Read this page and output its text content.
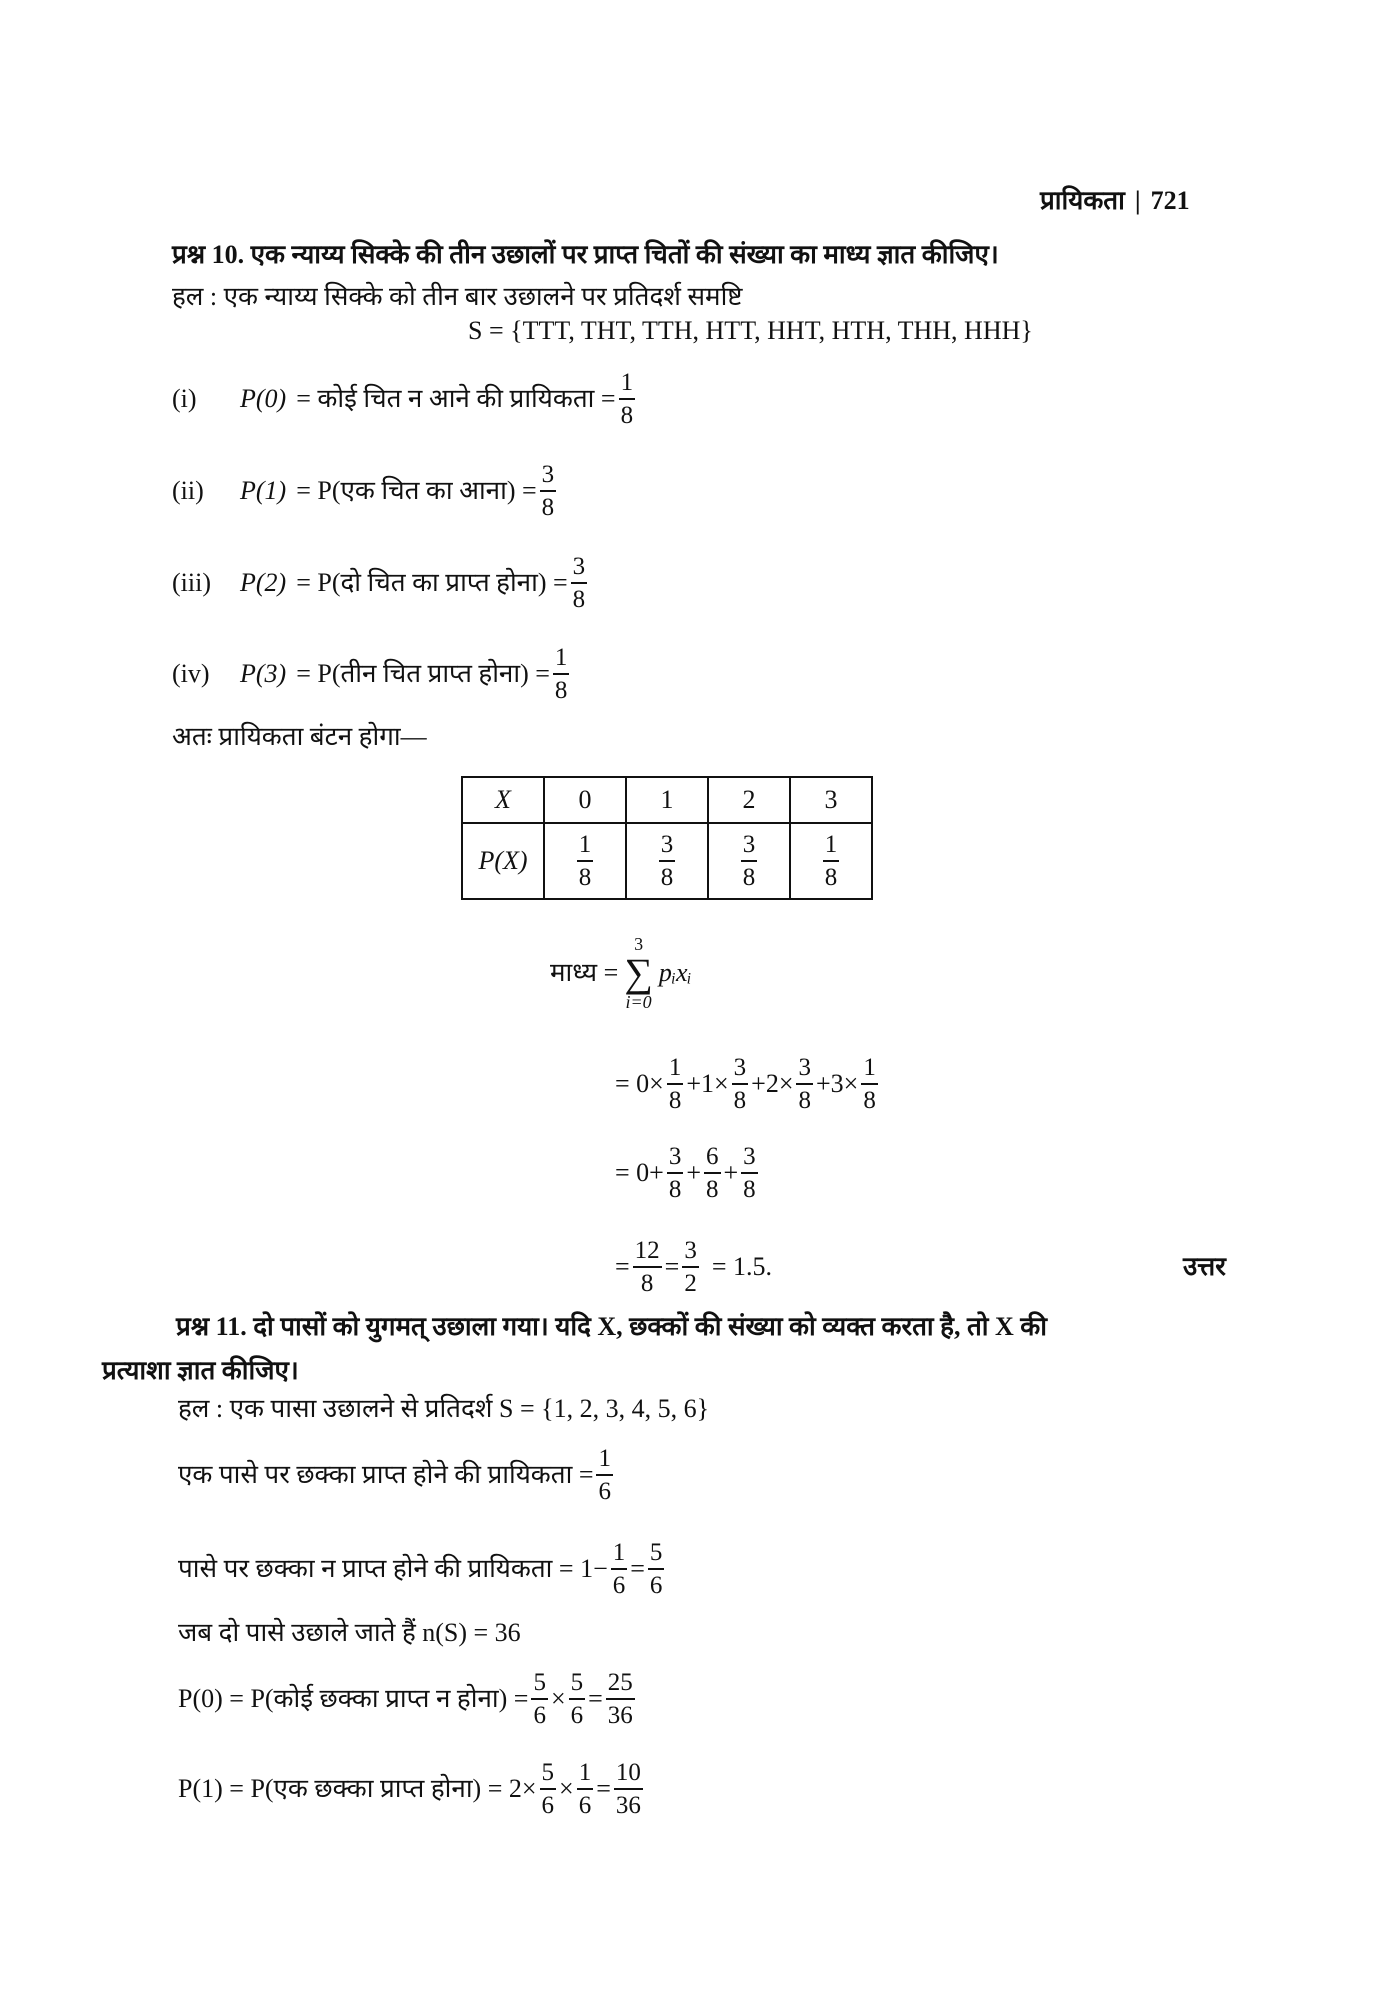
प्रायिकता | 721
प्रश्न 10. एक न्याय्य सिक्के की तीन उछालों पर प्राप्त चितों की संख्या का माध्य ज्ञात कीजिए।
हल : एक न्याय्य सिक्के को तीन बार उछालने पर प्रतिदर्श समष्टि
S = {TTT, THT, TTH, HTT, HHT, HTH, THH, HHH}
(i)	P(0) = कोई चित न आने की प्रायिकता = $\frac{1}{8}$
(ii)	P(1) = P(एक चित का आना) = $\frac{3}{8}$
(iii)	P(2) = P(दो चित का प्राप्त होना) = $\frac{3}{8}$
(iv)	P(3) = P(तीन चित प्राप्त होना) = $\frac{1}{8}$
अतः प्रायिकता बंटन होगा—
X	0	1	2	3
P(X)	$\frac{1}{8}$	$\frac{3}{8}$	$\frac{3}{8}$	$\frac{1}{8}$
माध्य =
3
∑
i=0
pᵢxᵢ
= $0\times \frac{1}{8} +1\times \frac{3}{8} +2\times \frac{3}{8} +3\times \frac{1}{8}$
= $0+ \frac{3}{8} + \frac{6}{8} + \frac{3}{8}$
= $\frac{12}{8} = \frac{3}{2} = 1.5$.	उत्तर
प्रश्न 11. दो पासों को युगमत् उछाला गया। यदि X, छक्कों की संख्या को व्यक्त करता है, तो X की
प्रत्याशा ज्ञात कीजिए।
हल : एक पासा उछालने से प्रतिदर्श S = {1, 2, 3, 4, 5, 6}
एक पासे पर छक्का प्राप्त होने की प्रायिकता = $\frac{1}{6}$
पासे पर छक्का न प्राप्त होने की प्रायिकता = $1- \frac{1}{6} = \frac{5}{6}$
जब दो पासे उछाले जाते हैं n(S) = 36
P(0) = P(कोई छक्का प्राप्त न होना) = $\frac{5}{6} \times \frac{5}{6} = \frac{25}{36}$
P(1) = P(एक छक्का प्राप्त होना) = $2\times \frac{5}{6} \times \frac{1}{6} = \frac{10}{36}$
